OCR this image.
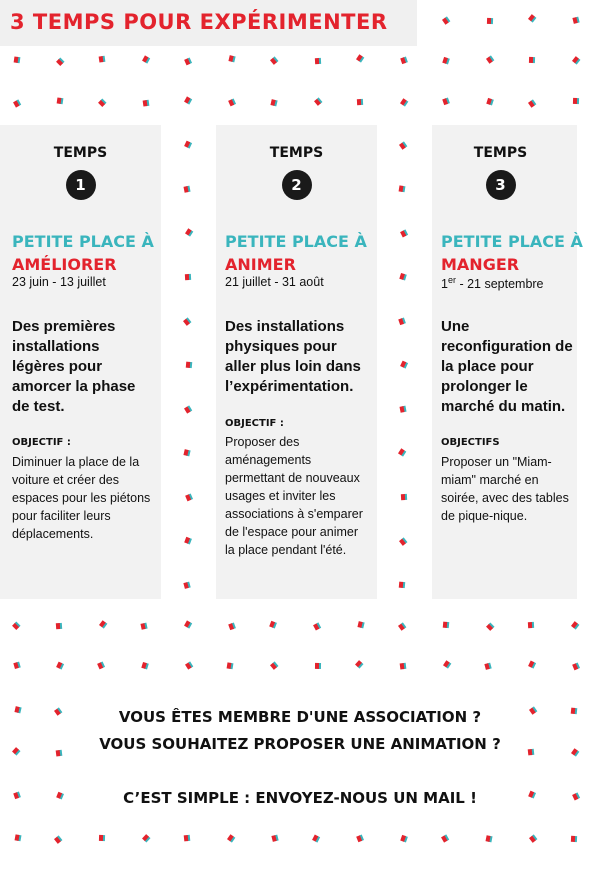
3 TEMPS POUR EXPÉRIMENTER

TEMPS

1

PETITE PLACE À
AMÉLIORER

23 juin - 13 juillet

Des premières installations légères pour amorcer la phase de test.

OBJECTIF :

Diminuer la place de la voiture et créer des espaces pour les piétons pour faciliter leurs déplacements.

TEMPS

2

PETITE PLACE À
ANIMER

21 juillet - 31 août

Des installations physiques pour aller plus loin dans l’expérimentation.

OBJECTIF :

Proposer des aménagements permettant de nouveaux usages et inviter les associations à s'emparer de l'espace pour animer la place pendant l'été.

TEMPS

3

PETITE PLACE À
MANGER

1er - 21 septembre

Une reconfiguration de la place pour prolonger le marché du matin.

OBJECTIFS

Proposer un "Miam-miam" marché en soirée, avec des tables de pique-nique.

VOUS ÊTES MEMBRE D'UNE ASSOCIATION ?

VOUS SOUHAITEZ PROPOSER UNE ANIMATION ?

C’EST SIMPLE : ENVOYEZ-NOUS UN MAIL !
